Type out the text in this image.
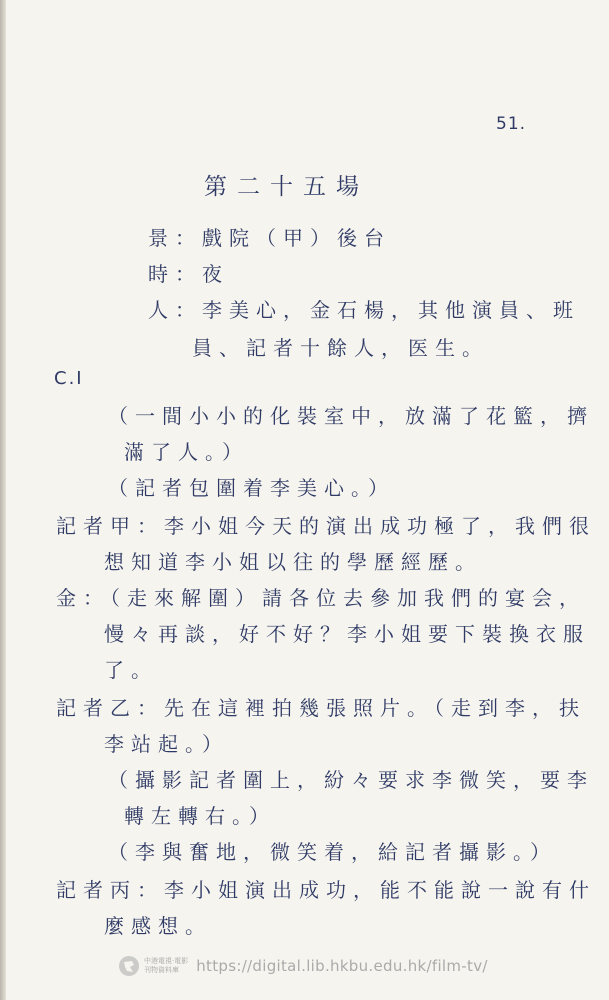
51.
第二十五場
景：戲院（甲）後台
時：夜
人：李美心，金石楊，其他演員、班
員、記者十餘人，医生。
C.I
（一間小小的化裝室中，放滿了花籃，擠
滿了人。）
（記者包圍着李美心。）
記者甲：李小姐今天的演出成功極了，我們很
想知道李小姐以往的學歷經歷。
金：（走來解圍）請各位去參加我們的宴会，
慢々再談，好不好？李小姐要下裝換衣服
了。
記者乙：先在這裡拍幾張照片。（走到李，扶
李站起。）
（攝影記者圍上，紛々要求李微笑，要李
轉左轉右。）
（李與奮地，微笑着，給記者攝影。）
記者丙：李小姐演出成功，能不能說一說有什
麼感想。
中港電視·電影
刊物資料庫	https://digital.lib.hkbu.edu.hk/film-tv/
